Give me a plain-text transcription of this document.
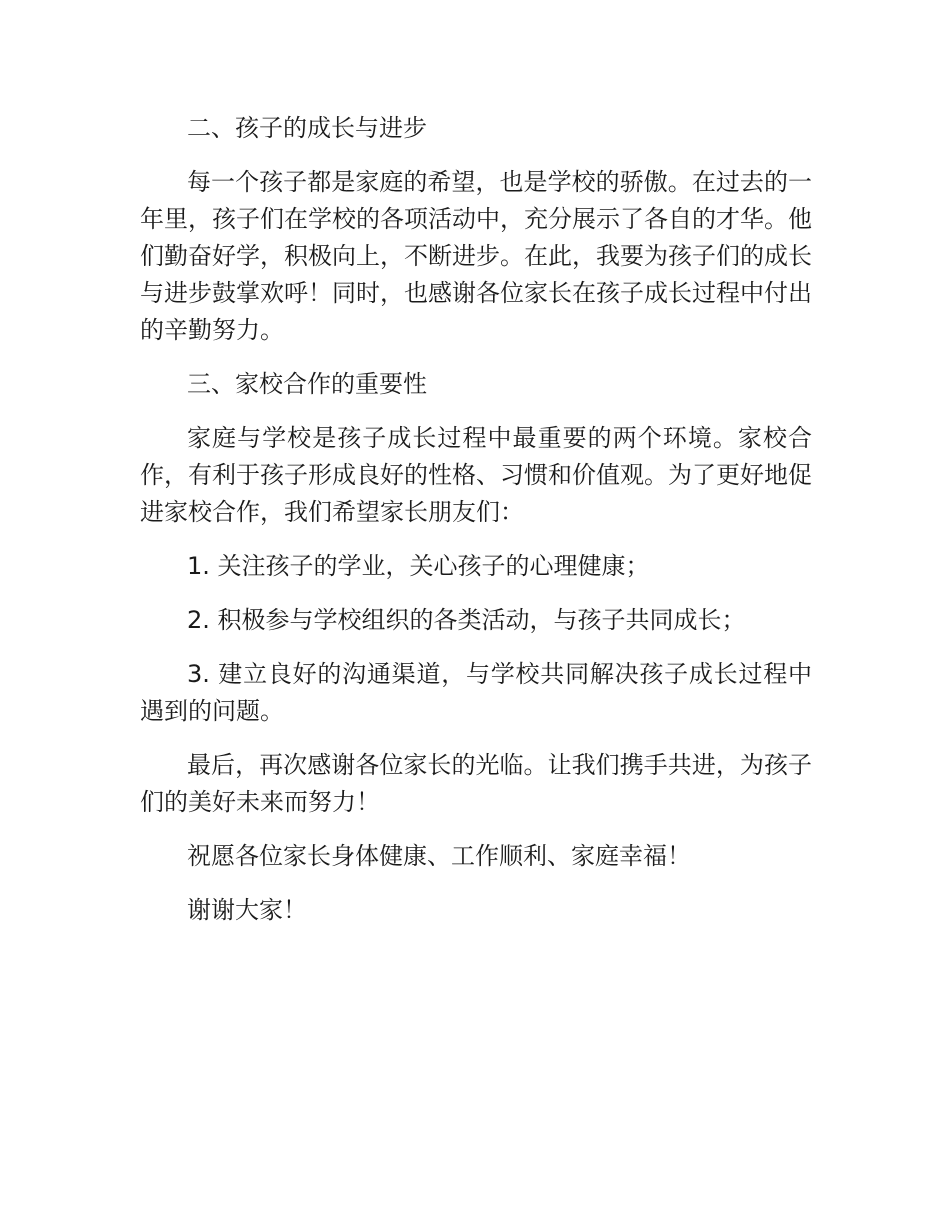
二、孩子的成长与进步

每一个孩子都是家庭的希望，也是学校的骄傲。在过去的一年里，孩子们在学校的各项活动中，充分展示了各自的才华。他们勤奋好学，积极向上，不断进步。在此，我要为孩子们的成长与进步鼓掌欢呼！同时，也感谢各位家长在孩子成长过程中付出的辛勤努力。

三、家校合作的重要性

家庭与学校是孩子成长过程中最重要的两个环境。家校合作，有利于孩子形成良好的性格、习惯和价值观。为了更好地促进家校合作，我们希望家长朋友们：

1. 关注孩子的学业，关心孩子的心理健康；

2. 积极参与学校组织的各类活动，与孩子共同成长；

3. 建立良好的沟通渠道，与学校共同解决孩子成长过程中遇到的问题。

最后，再次感谢各位家长的光临。让我们携手共进，为孩子们的美好未来而努力！

祝愿各位家长身体健康、工作顺利、家庭幸福！

谢谢大家！
